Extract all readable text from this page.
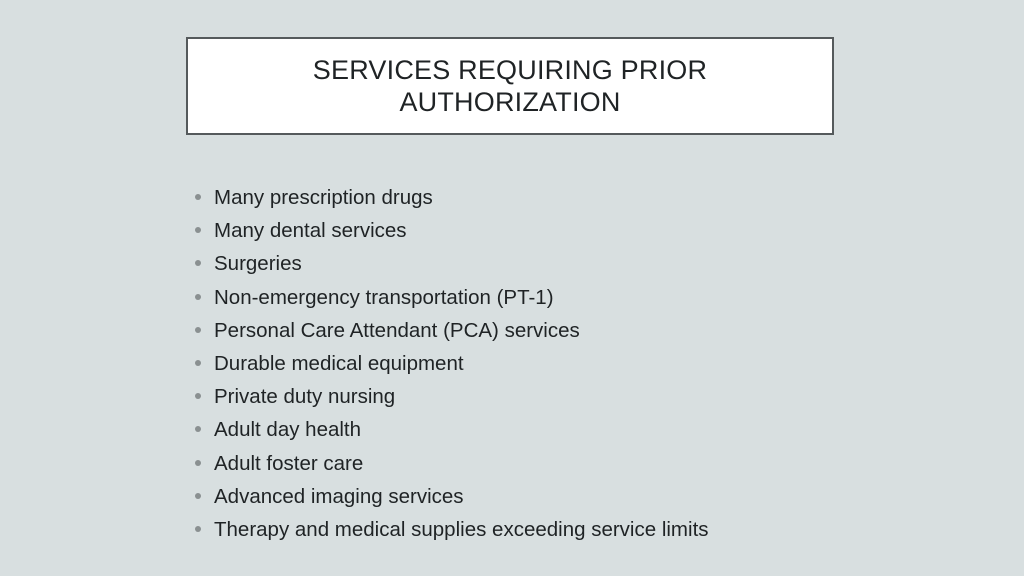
SERVICES REQUIRING PRIOR AUTHORIZATION
Many prescription drugs
Many dental services
Surgeries
Non-emergency transportation (PT-1)
Personal Care Attendant (PCA) services
Durable medical equipment
Private duty nursing
Adult day health
Adult foster care
Advanced imaging services
Therapy and medical supplies exceeding service limits
